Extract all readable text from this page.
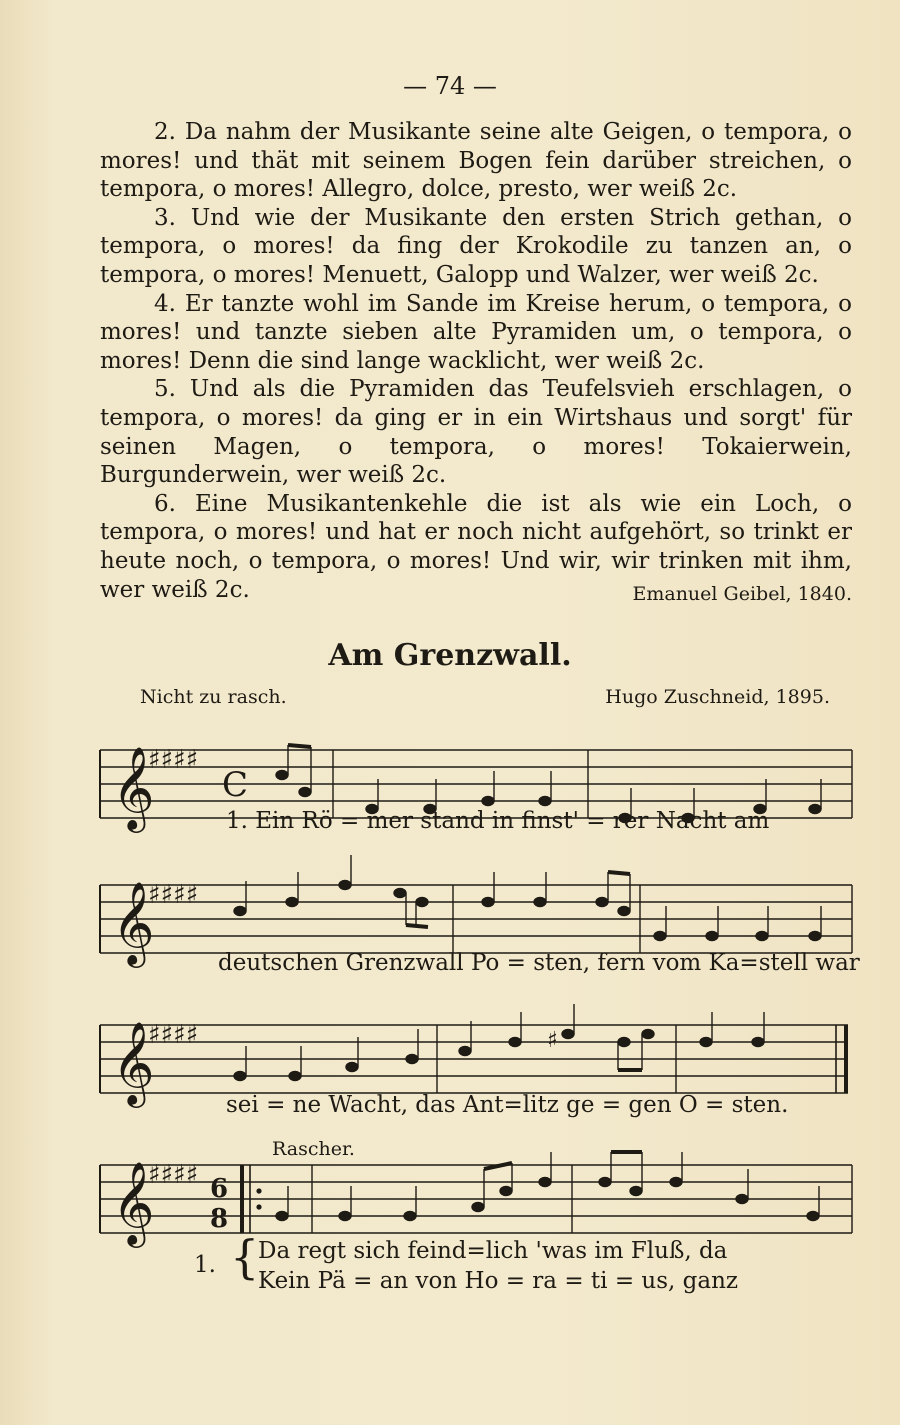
— 74 —

2. Da nahm der Musikante seine alte Geigen, o tempora, o mores! und thät mit seinem Bogen fein darüber streichen, o tempora, o mores! Allegro, dolce, presto, wer weiß 2c.

3. Und wie der Musikante den ersten Strich gethan, o tempora, o mores! da fing der Krokodile zu tanzen an, o tempora, o mores! Menuett, Galopp und Walzer, wer weiß 2c.

4. Er tanzte wohl im Sande im Kreise herum, o tempora, o mores! und tanzte sieben alte Pyramiden um, o tempora, o mores! Denn die sind lange wacklicht, wer weiß 2c.

5. Und als die Pyramiden das Teufelsvieh erschlagen, o tempora, o mores! da ging er in ein Wirtshaus und sorgt' für seinen Magen, o tempora, o mores! Tokaierwein, Burgunderwein, wer weiß 2c.

6. Eine Musikantenkehle die ist als wie ein Loch, o tempora, o mores! und hat er noch nicht aufgehört, so trinkt er heute noch, o tempora, o mores! Und wir, wir trinken mit ihm, wer weiß 2c.	Emanuel Geibel, 1840.

Am Grenzwall.
Nicht zu rasch.	Hugo Zuschneid, 1895.
𝄞
♯♯♯♯
C
1. Ein Rö = mer stand in finst' = rer Nacht am
𝄞
♯♯♯♯
deutschen Grenzwall Po = sten, fern vom Ka=stell war
𝄞
♯♯♯♯	♯
sei = ne Wacht, das Ant=litz ge = gen O = sten.
Rascher.
𝄞
♯♯♯♯ 6
8
1. {
Da regt sich feind=lich 'was im Fluß, da
Kein Pä = an von Ho = ra = ti = us, ganz
